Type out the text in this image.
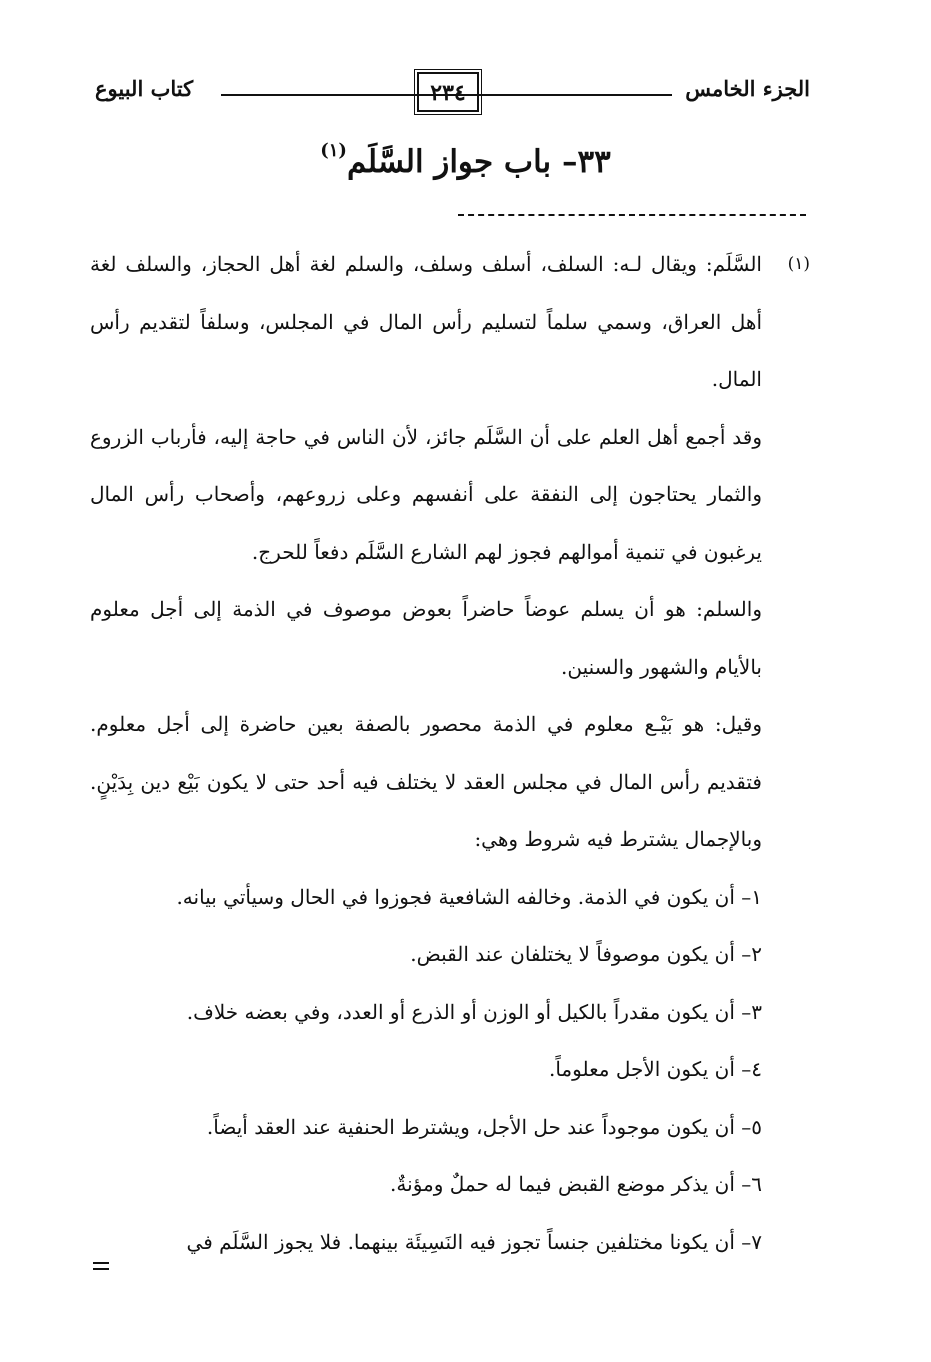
الجزء الخامس
٢٣٤
كتاب البيوع
٣٣– باب جواز السَّلَم$^{(١)}$
(١)

السَّلَم: ويقال لـه: السلف، أسلف وسلف، والسلم لغة أهل الحجاز، والسلف لغة أهل العراق، وسمي سلماً لتسليم رأس المال في المجلس، وسلفاً لتقديم رأس المال.

وقد أجمع أهل العلم على أن السَّلَم جائز، لأن الناس في حاجة إليه، فأرباب الزروع والثمار يحتاجون إلى النفقة على أنفسهم وعلى زروعهم، وأصحاب رأس المال يرغبون في تنمية أموالهم فجوز لهم الشارع السَّلَم دفعاً للحرج.

والسلم: هو أن يسلم عوضاً حاضراً بعوض موصوف في الذمة إلى أجل معلوم بالأيام والشهور والسنين.

وقيل: هو بَيْـع معلوم في الذمة محصور بالصفة بعين حاضرة إلى أجل معلوم. فتقديم رأس المال في مجلس العقد لا يختلف فيه أحد حتى لا يكون بَيْع دين بِدَيْنٍ. وبالإجمال يشترط فيه شروط وهي:

١– أن يكون في الذمة. وخالفه الشافعية فجوزوا في الحال وسيأتي بيانه.

٢– أن يكون موصوفاً لا يختلفان عند القبض.

٣– أن يكون مقدراً بالكيل أو الوزن أو الذرع أو العدد، وفي بعضه خلاف.

٤– أن يكون الأجل معلوماً.

٥– أن يكون موجوداً عند حل الأجل، ويشترط الحنفية عند العقد أيضاً.

٦– أن يذكر موضع القبض فيما له حملٌ ومؤنةٌ.

٧– أن يكونا مختلفين جنساً تجوز فيه النَسِيئَة بينهما. فلا يجوز السَّلَم في
